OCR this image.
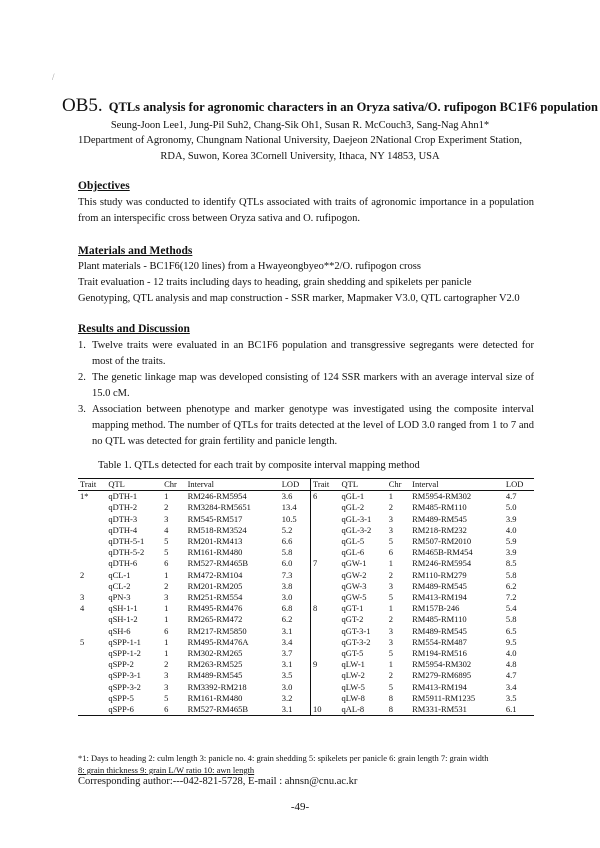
/
OB5. QTLs analysis for agronomic characters in an Oryza sativa/O. rufipogon BC1F6 population
Seung-Joon Lee1, Jung-Pil Suh2, Chang-Sik Oh1, Susan R. McCouch3, Sang-Nag Ahn1*
1Department of Agronomy, Chungnam National University, Daejeon 2National Crop Experiment Station,
RDA, Suwon, Korea 3Cornell University, Ithaca, NY 14853, USA
Objectives
This study was conducted to identify QTLs associated with traits of agronomic importance in a population from an interspecific cross between Oryza sativa and O. rufipogon.
Materials and Methods
Plant materials - BC1F6(120 lines) from a Hwayeongbyeo**2/O. rufipogon cross
Trait evaluation - 12 traits including days to heading, grain shedding and spikelets per panicle
Genotyping, QTL analysis and map construction - SSR marker, Mapmaker V3.0, QTL cartographer V2.0
Results and Discussion
1. Twelve traits were evaluated in an BC1F6 population and transgressive segregants were detected for most of the traits.
2. The genetic linkage map was developed consisting of 124 SSR markers with an average interval size of 15.0 cM.
3. Association between phenotype and marker genotype was investigated using the composite interval mapping method. The number of QTLs for traits detected at the level of LOD 3.0 ranged from 1 to 7 and no QTL was detected for grain fertility and panicle length.
Table 1. QTLs detected for each trait by composite interval mapping method
Trait	QTL	Chr	Interval	LOD	Trait	QTL	Chr	Interval	LOD
1*	qDTH-1	1	RM246-RM5954	3.6	6	qGL-1	1	RM5954-RM302	4.7
	qDTH-2	2	RM3284-RM5651	13.4		qGL-2	2	RM485-RM110	5.0
	qDTH-3	3	RM545-RM517	10.5		qGL-3-1	3	RM489-RM545	3.9
	qDTH-4	4	RM518-RM3524	5.2		qGL-3-2	3	RM218-RM232	4.0
	qDTH-5-1	5	RM201-RM413	6.6		qGL-5	5	RM507-RM2010	5.9
	qDTH-5-2	5	RM161-RM480	5.8		qGL-6	6	RM465B-RM454	3.9
	qDTH-6	6	RM527-RM465B	6.0	7	qGW-1	1	RM246-RM5954	8.5
2	qCL-1	1	RM472-RM104	7.3		qGW-2	2	RM110-RM279	5.8
	qCL-2	2	RM201-RM205	3.8		qGW-3	3	RM489-RM545	6.2
3	qPN-3	3	RM251-RM554	3.0		qGW-5	5	RM413-RM194	7.2
4	qSH-1-1	1	RM495-RM476	6.8	8	qGT-1	1	RM157B-246	5.4
	qSH-1-2	1	RM265-RM472	6.2		qGT-2	2	RM485-RM110	5.8
	qSH-6	6	RM217-RM5850	3.1		qGT-3-1	3	RM489-RM545	6.5
5	qSPP-1-1	1	RM495-RM476A	3.4		qGT-3-2	3	RM554-RM487	9.5
	qSPP-1-2	1	RM302-RM265	3.7		qGT-5	5	RM194-RM516	4.0
	qSPP-2	2	RM263-RM525	3.1	9	qLW-1	1	RM5954-RM302	4.8
	qSPP-3-1	3	RM489-RM545	3.5		qLW-2	2	RM279-RM6895	4.7
	qSPP-3-2	3	RM3392-RM218	3.0		qLW-5	5	RM413-RM194	3.4
	qSPP-5	5	RM161-RM480	3.2		qLW-8	8	RM5911-RM1235	3.5
	qSPP-6	6	RM527-RM465B	3.1	10	qAL-8	8	RM331-RM531	6.1
*1: Days to heading 2: culm length 3: panicle no. 4: grain shedding 5: spikelets per panicle 6: grain length 7: grain width
8: grain thickness 9: grain L/W ratio 10: awn length
Corresponding author:---042-821-5728, E-mail : ahnsn@cnu.ac.kr
-49-
